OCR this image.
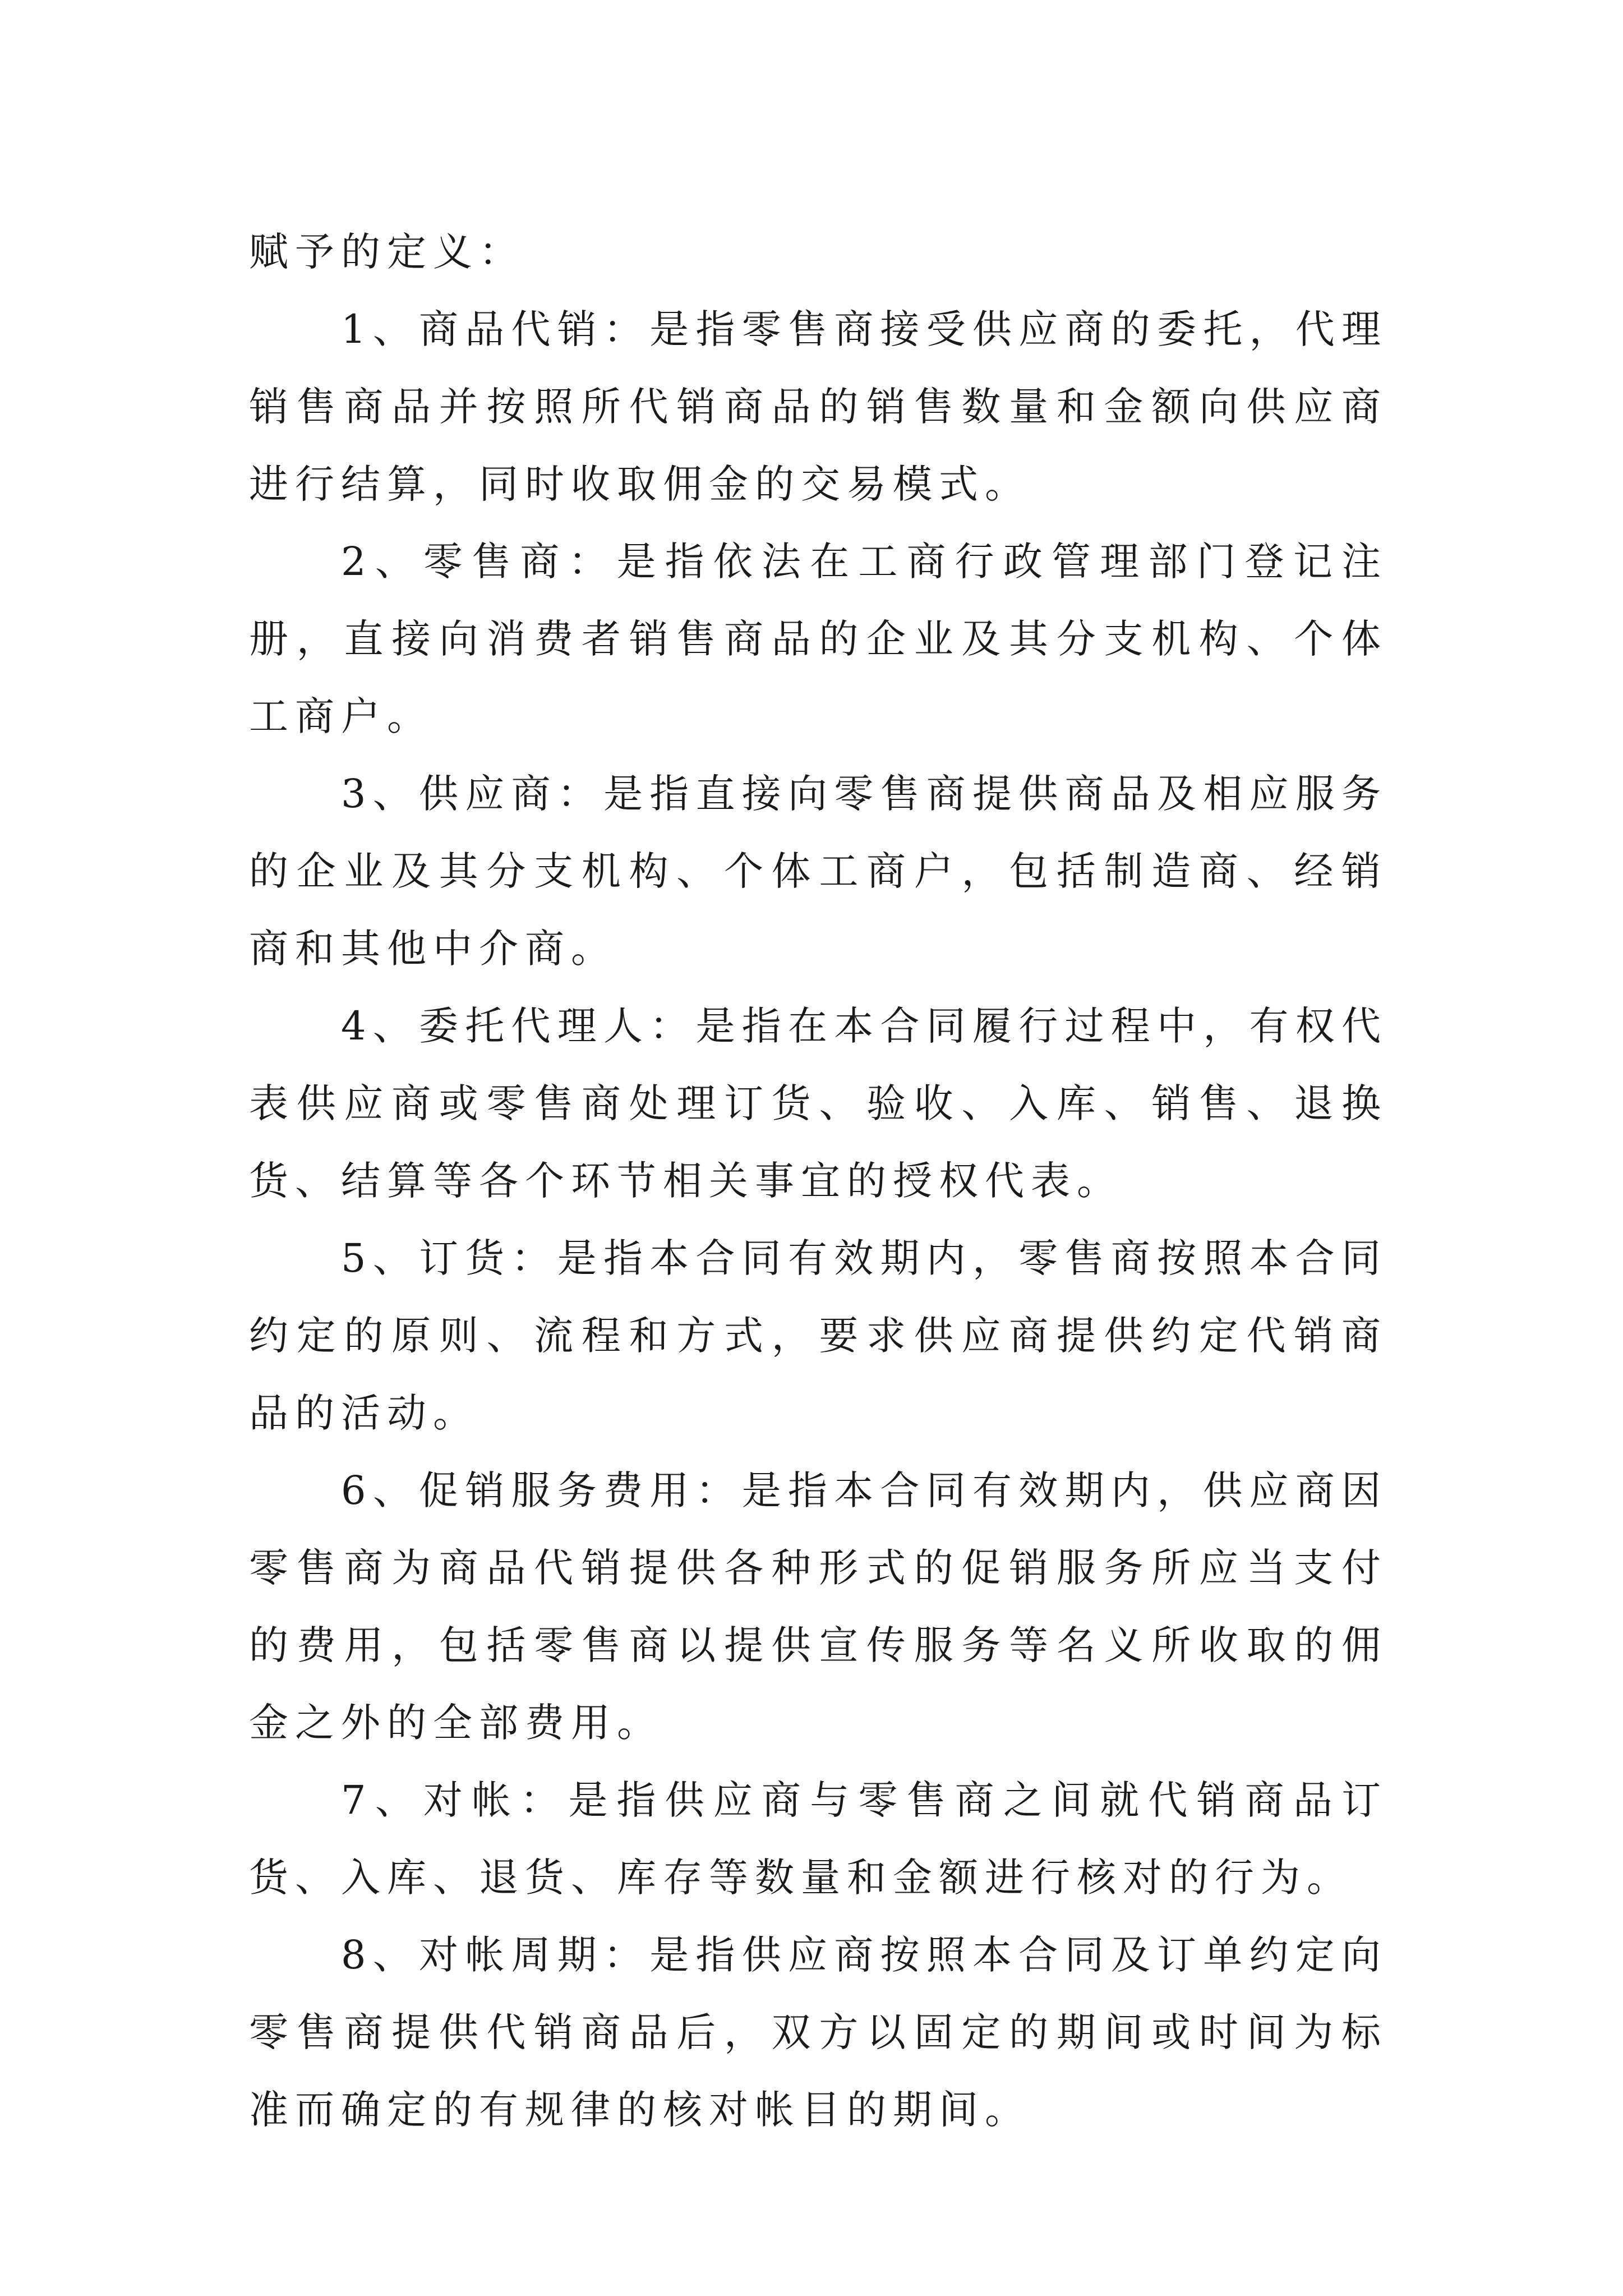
赋予的定义：

1、商品代销：是指零售商接受供应商的委托，代理销售商品并按照所代销商品的销售数量和金额向供应商进行结算，同时收取佣金的交易模式。

2、零售商：是指依法在工商行政管理部门登记注册，直接向消费者销售商品的企业及其分支机构、个体工商户。

3、供应商：是指直接向零售商提供商品及相应服务的企业及其分支机构、个体工商户，包括制造商、经销商和其他中介商。

4、委托代理人：是指在本合同履行过程中，有权代表供应商或零售商处理订货、验收、入库、销售、退换货、结算等各个环节相关事宜的授权代表。

5、订货：是指本合同有效期内，零售商按照本合同约定的原则、流程和方式，要求供应商提供约定代销商品的活动。

6、促销服务费用：是指本合同有效期内，供应商因零售商为商品代销提供各种形式的促销服务所应当支付的费用，包括零售商以提供宣传服务等名义所收取的佣金之外的全部费用。

7、对帐：是指供应商与零售商之间就代销商品订货、入库、退货、库存等数量和金额进行核对的行为。

8、对帐周期：是指供应商按照本合同及订单约定向零售商提供代销商品后，双方以固定的期间或时间为标准而确定的有规律的核对帐目的期间。
